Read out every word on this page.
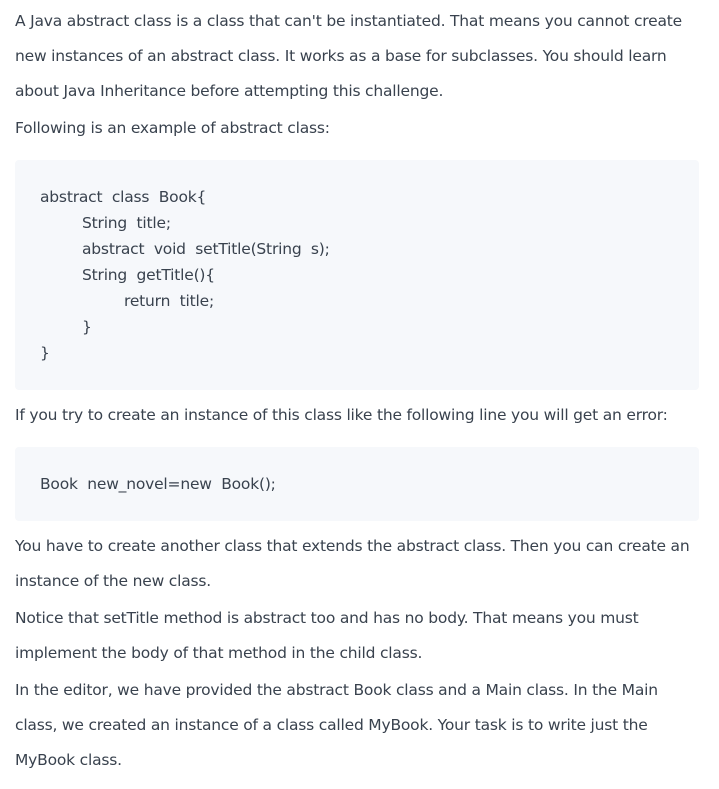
A Java abstract class is a class that can't be instantiated. That means you cannot create new instances of an abstract class. It works as a base for subclasses. You should learn about Java Inheritance before attempting this challenge.

Following is an example of abstract class:

abstract  class  Book{
String  title;
abstract  void  setTitle(String  s);
String  getTitle(){
return  title;
}
}

If you try to create an instance of this class like the following line you will get an error:

Book  new_novel=new  Book();

You have to create another class that extends the abstract class. Then you can create an instance of the new class.

Notice that setTitle method is abstract too and has no body. That means you must implement the body of that method in the child class.

In the editor, we have provided the abstract Book class and a Main class. In the Main class, we created an instance of a class called MyBook. Your task is to write just the MyBook class.
